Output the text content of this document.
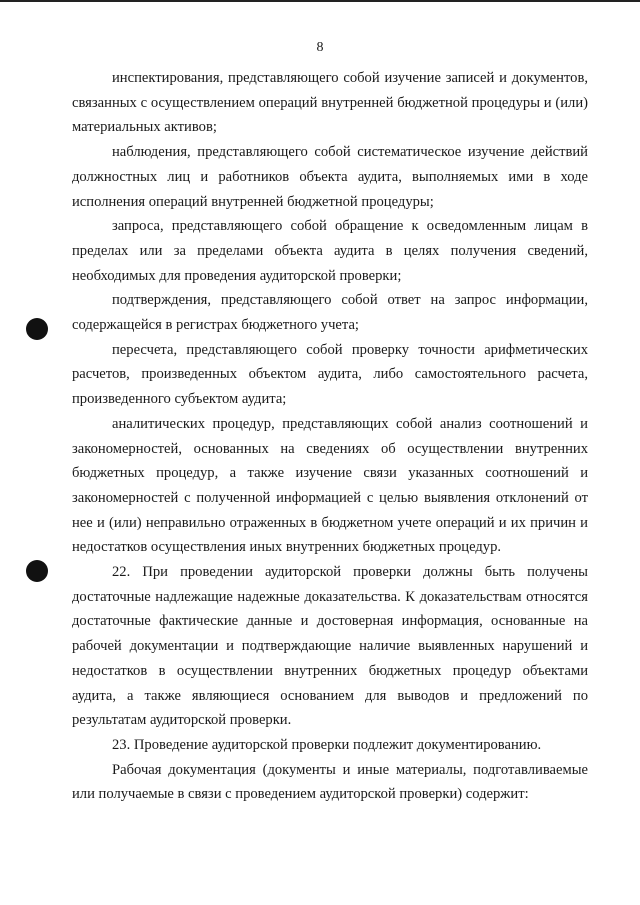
8

инспектирования, представляющего собой изучение записей и документов, связанных с осуществлением операций внутренней бюджетной процедуры и (или) материальных активов;

наблюдения, представляющего собой систематическое изучение действий должностных лиц и работников объекта аудита, выполняемых ими в ходе исполнения операций внутренней бюджетной процедуры;

запроса, представляющего собой обращение к осведомленным лицам в пределах или за пределами объекта аудита в целях получения сведений, необходимых для проведения аудиторской проверки;

подтверждения, представляющего собой ответ на запрос информации, содержащейся в регистрах бюджетного учета;

пересчета, представляющего собой проверку точности арифметических расчетов, произведенных объектом аудита, либо самостоятельного расчета, произведенного субъектом аудита;

аналитических процедур, представляющих собой анализ соотношений и закономерностей, основанных на сведениях об осуществлении внутренних бюджетных процедур, а также изучение связи указанных соотношений и закономерностей с полученной информацией с целью выявления отклонений от нее и (или) неправильно отраженных в бюджетном учете операций и их причин и недостатков осуществления иных внутренних бюджетных процедур.

22. При проведении аудиторской проверки должны быть получены достаточные надлежащие надежные доказательства. К доказательствам относятся достаточные фактические данные и достоверная информация, основанные на рабочей документации и подтверждающие наличие выявленных нарушений и недостатков в осуществлении внутренних бюджетных процедур объектами аудита, а также являющиеся основанием для выводов и предложений по результатам аудиторской проверки.

23. Проведение аудиторской проверки подлежит документированию.

Рабочая документация (документы и иные материалы, подготавливаемые или получаемые в связи с проведением аудиторской проверки) содержит:
